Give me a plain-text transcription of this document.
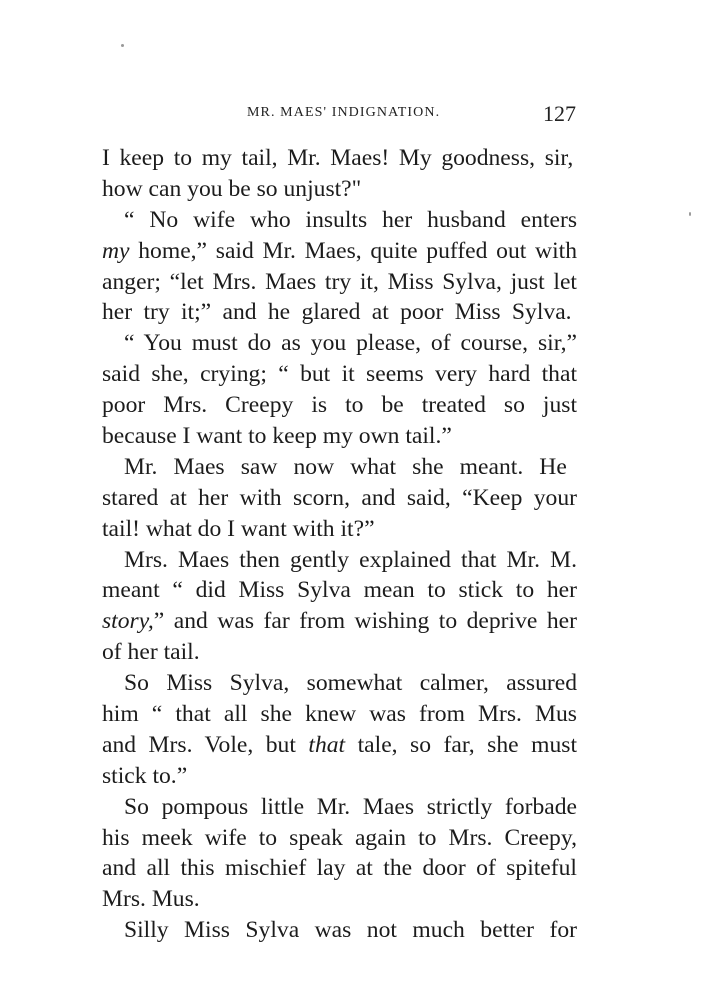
MR. MAES' INDIGNATION.	127
I keep to my tail, Mr. Maes! My goodness, sir,
how can you be so unjust?"
“ No wife who insults her husband enters
my home,” said Mr. Maes, quite puffed out with
anger; “let Mrs. Maes try it, Miss Sylva, just let
her try it;” and he glared at poor Miss Sylva.
“ You must do as you please, of course, sir,”
said she, crying; “ but it seems very hard that
poor Mrs. Creepy is to be treated so just
because I want to keep my own tail.”
Mr. Maes saw now what she meant. He
stared at her with scorn, and said, “Keep your
tail! what do I want with it?”
Mrs. Maes then gently explained that Mr. M.
meant “ did Miss Sylva mean to stick to her
story,” and was far from wishing to deprive her
of her tail.
So Miss Sylva, somewhat calmer, assured
him “ that all she knew was from Mrs. Mus
and Mrs. Vole, but that tale, so far, she must
stick to.”
So pompous little Mr. Maes strictly forbade
his meek wife to speak again to Mrs. Creepy,
and all this mischief lay at the door of spiteful
Mrs. Mus.
Silly Miss Sylva was not much better for
